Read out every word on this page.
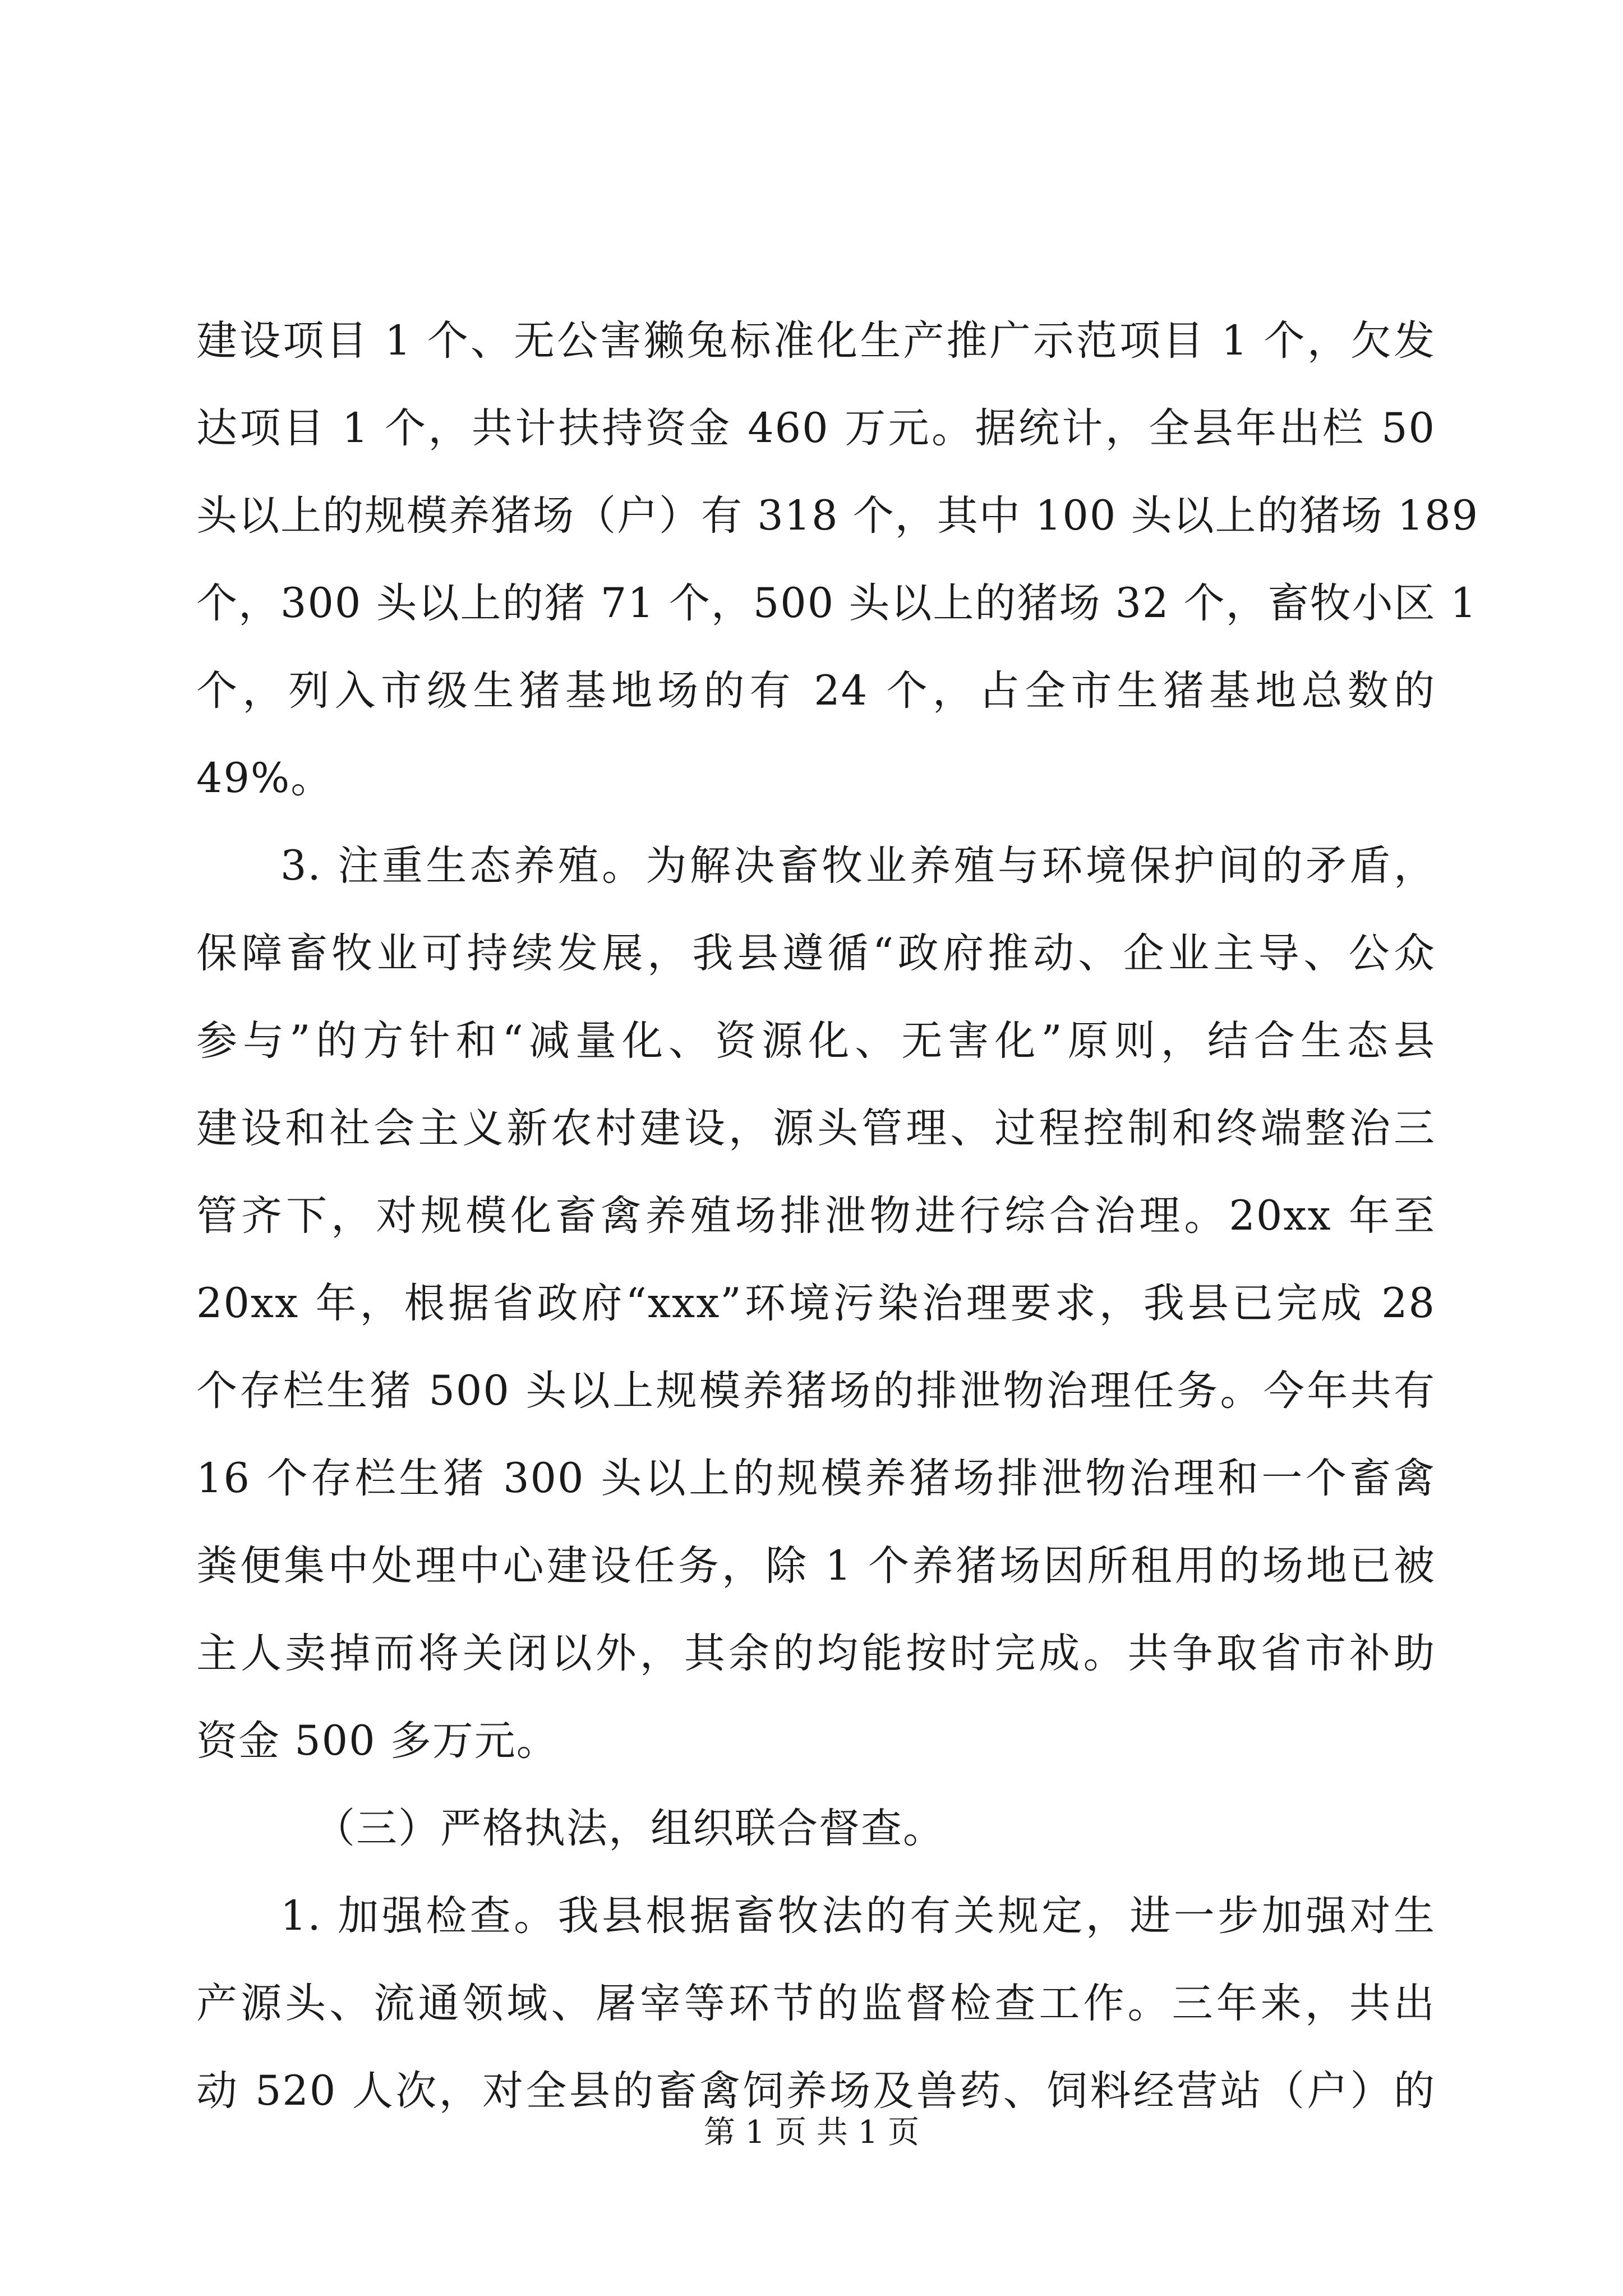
建设项目 1 个、无公害獭兔标准化生产推广示范项目 1 个，欠发
达项目 1 个，共计扶持资金 460 万元。据统计，全县年出栏 50
头以上的规模养猪场（户）有 318 个，其中 100 头以上的猪场 189
个，300 头以上的猪 71 个，500 头以上的猪场 32 个，畜牧小区 1
个，列入市级生猪基地场的有 24 个，占全市生猪基地总数的
49%。
3. 注重生态养殖。为解决畜牧业养殖与环境保护间的矛盾，
保障畜牧业可持续发展，我县遵循“政府推动、企业主导、公众
参与”的方针和“减量化、资源化、无害化”原则，结合生态县
建设和社会主义新农村建设，源头管理、过程控制和终端整治三
管齐下，对规模化畜禽养殖场排泄物进行综合治理。20xx 年至
20xx 年，根据省政府“xxx”环境污染治理要求，我县已完成 28
个存栏生猪 500 头以上规模养猪场的排泄物治理任务。今年共有
16 个存栏生猪 300 头以上的规模养猪场排泄物治理和一个畜禽
粪便集中处理中心建设任务，除 1 个养猪场因所租用的场地已被
主人卖掉而将关闭以外，其余的均能按时完成。共争取省市补助
资金 500 多万元。
（三）严格执法，组织联合督查。
1. 加强检查。我县根据畜牧法的有关规定，进一步加强对生
产源头、流通领域、屠宰等环节的监督检查工作。三年来，共出
动 520 人次，对全县的畜禽饲养场及兽药、饲料经营站（户）的
第 1 页 共 1 页
